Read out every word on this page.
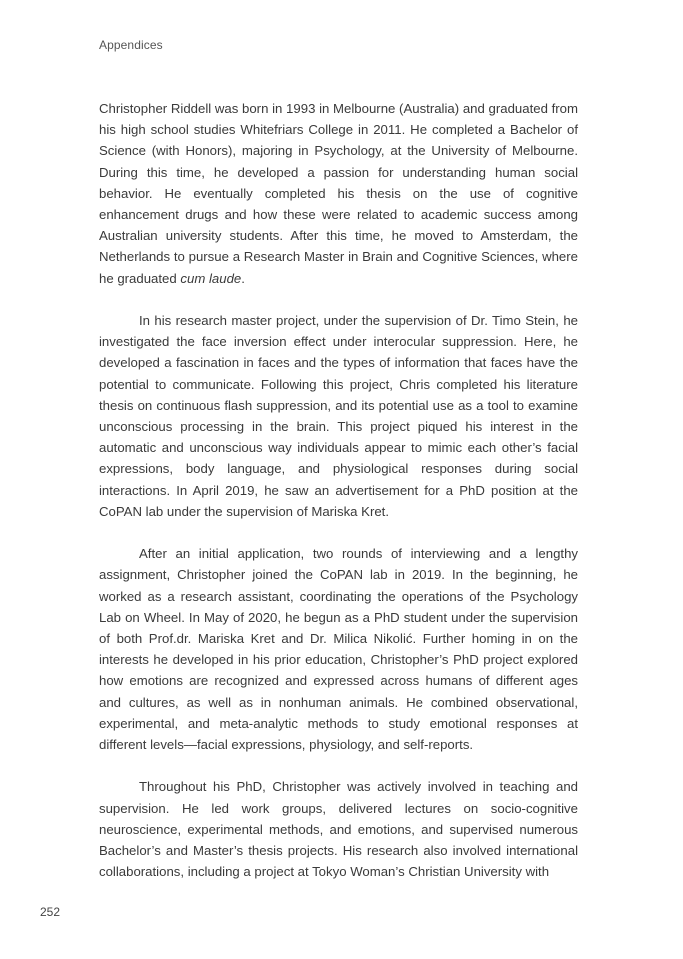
Appendices

Christopher Riddell was born in 1993 in Melbourne (Australia) and graduated from his high school studies Whitefriars College in 2011. He completed a Bachelor of Science (with Honors), majoring in Psychology, at the University of Melbourne. During this time, he developed a passion for understanding human social behavior. He eventually completed his thesis on the use of cognitive enhancement drugs and how these were related to academic success among Australian university students. After this time, he moved to Amsterdam, the Netherlands to pursue a Research Master in Brain and Cognitive Sciences, where he graduated cum laude.

In his research master project, under the supervision of Dr. Timo Stein, he investigated the face inversion effect under interocular suppression. Here, he developed a fascination in faces and the types of information that faces have the potential to communicate. Following this project, Chris completed his literature thesis on continuous flash suppression, and its potential use as a tool to examine unconscious processing in the brain. This project piqued his interest in the automatic and unconscious way individuals appear to mimic each other’s facial expressions, body language, and physiological responses during social interactions. In April 2019, he saw an advertisement for a PhD position at the CoPAN lab under the supervision of Mariska Kret.

After an initial application, two rounds of interviewing and a lengthy assignment, Christopher joined the CoPAN lab in 2019. In the beginning, he worked as a research assistant, coordinating the operations of the Psychology Lab on Wheel. In May of 2020, he begun as a PhD student under the supervision of both Prof.dr. Mariska Kret and Dr. Milica Nikolić. Further homing in on the interests he developed in his prior education, Christopher’s PhD project explored how emotions are recognized and expressed across humans of different ages and cultures, as well as in nonhuman animals. He combined observational, experimental, and meta-analytic methods to study emotional responses at different levels—facial expressions, physiology, and self-reports.

Throughout his PhD, Christopher was actively involved in teaching and supervision. He led work groups, delivered lectures on socio-cognitive neuroscience, experimental methods, and emotions, and supervised numerous Bachelor’s and Master’s thesis projects. His research also involved international collaborations, including a project at Tokyo Woman’s Christian University with

252
